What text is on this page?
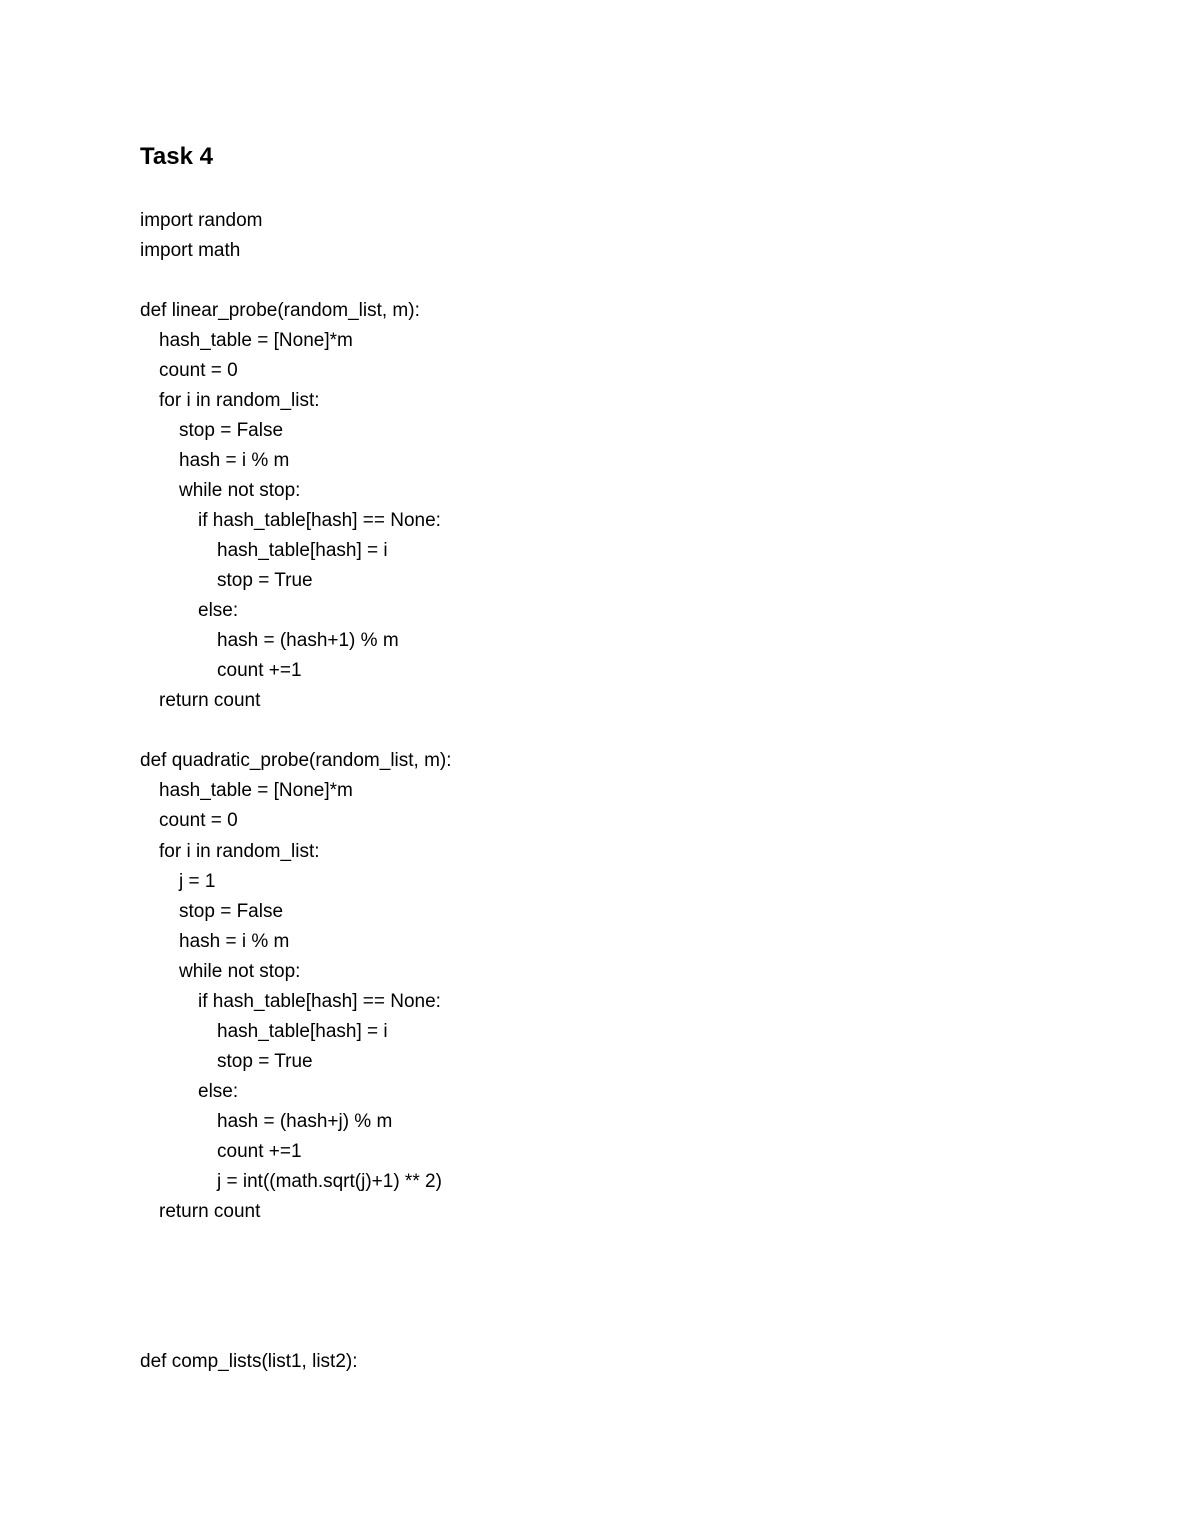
Task 4
import random
import math
def linear_probe(random_list, m):
hash_table = [None]*m
count = 0
for i in random_list:
stop = False
hash = i % m
while not stop:
if hash_table[hash] == None:
hash_table[hash] = i
stop = True
else:
hash = (hash+1) % m
count +=1
return count
def quadratic_probe(random_list, m):
hash_table = [None]*m
count = 0
for i in random_list:
j = 1
stop = False
hash = i % m
while not stop:
if hash_table[hash] == None:
hash_table[hash] = i
stop = True
else:
hash = (hash+j) % m
count +=1
j = int((math.sqrt(j)+1) ** 2)
return count
def comp_lists(list1, list2):
